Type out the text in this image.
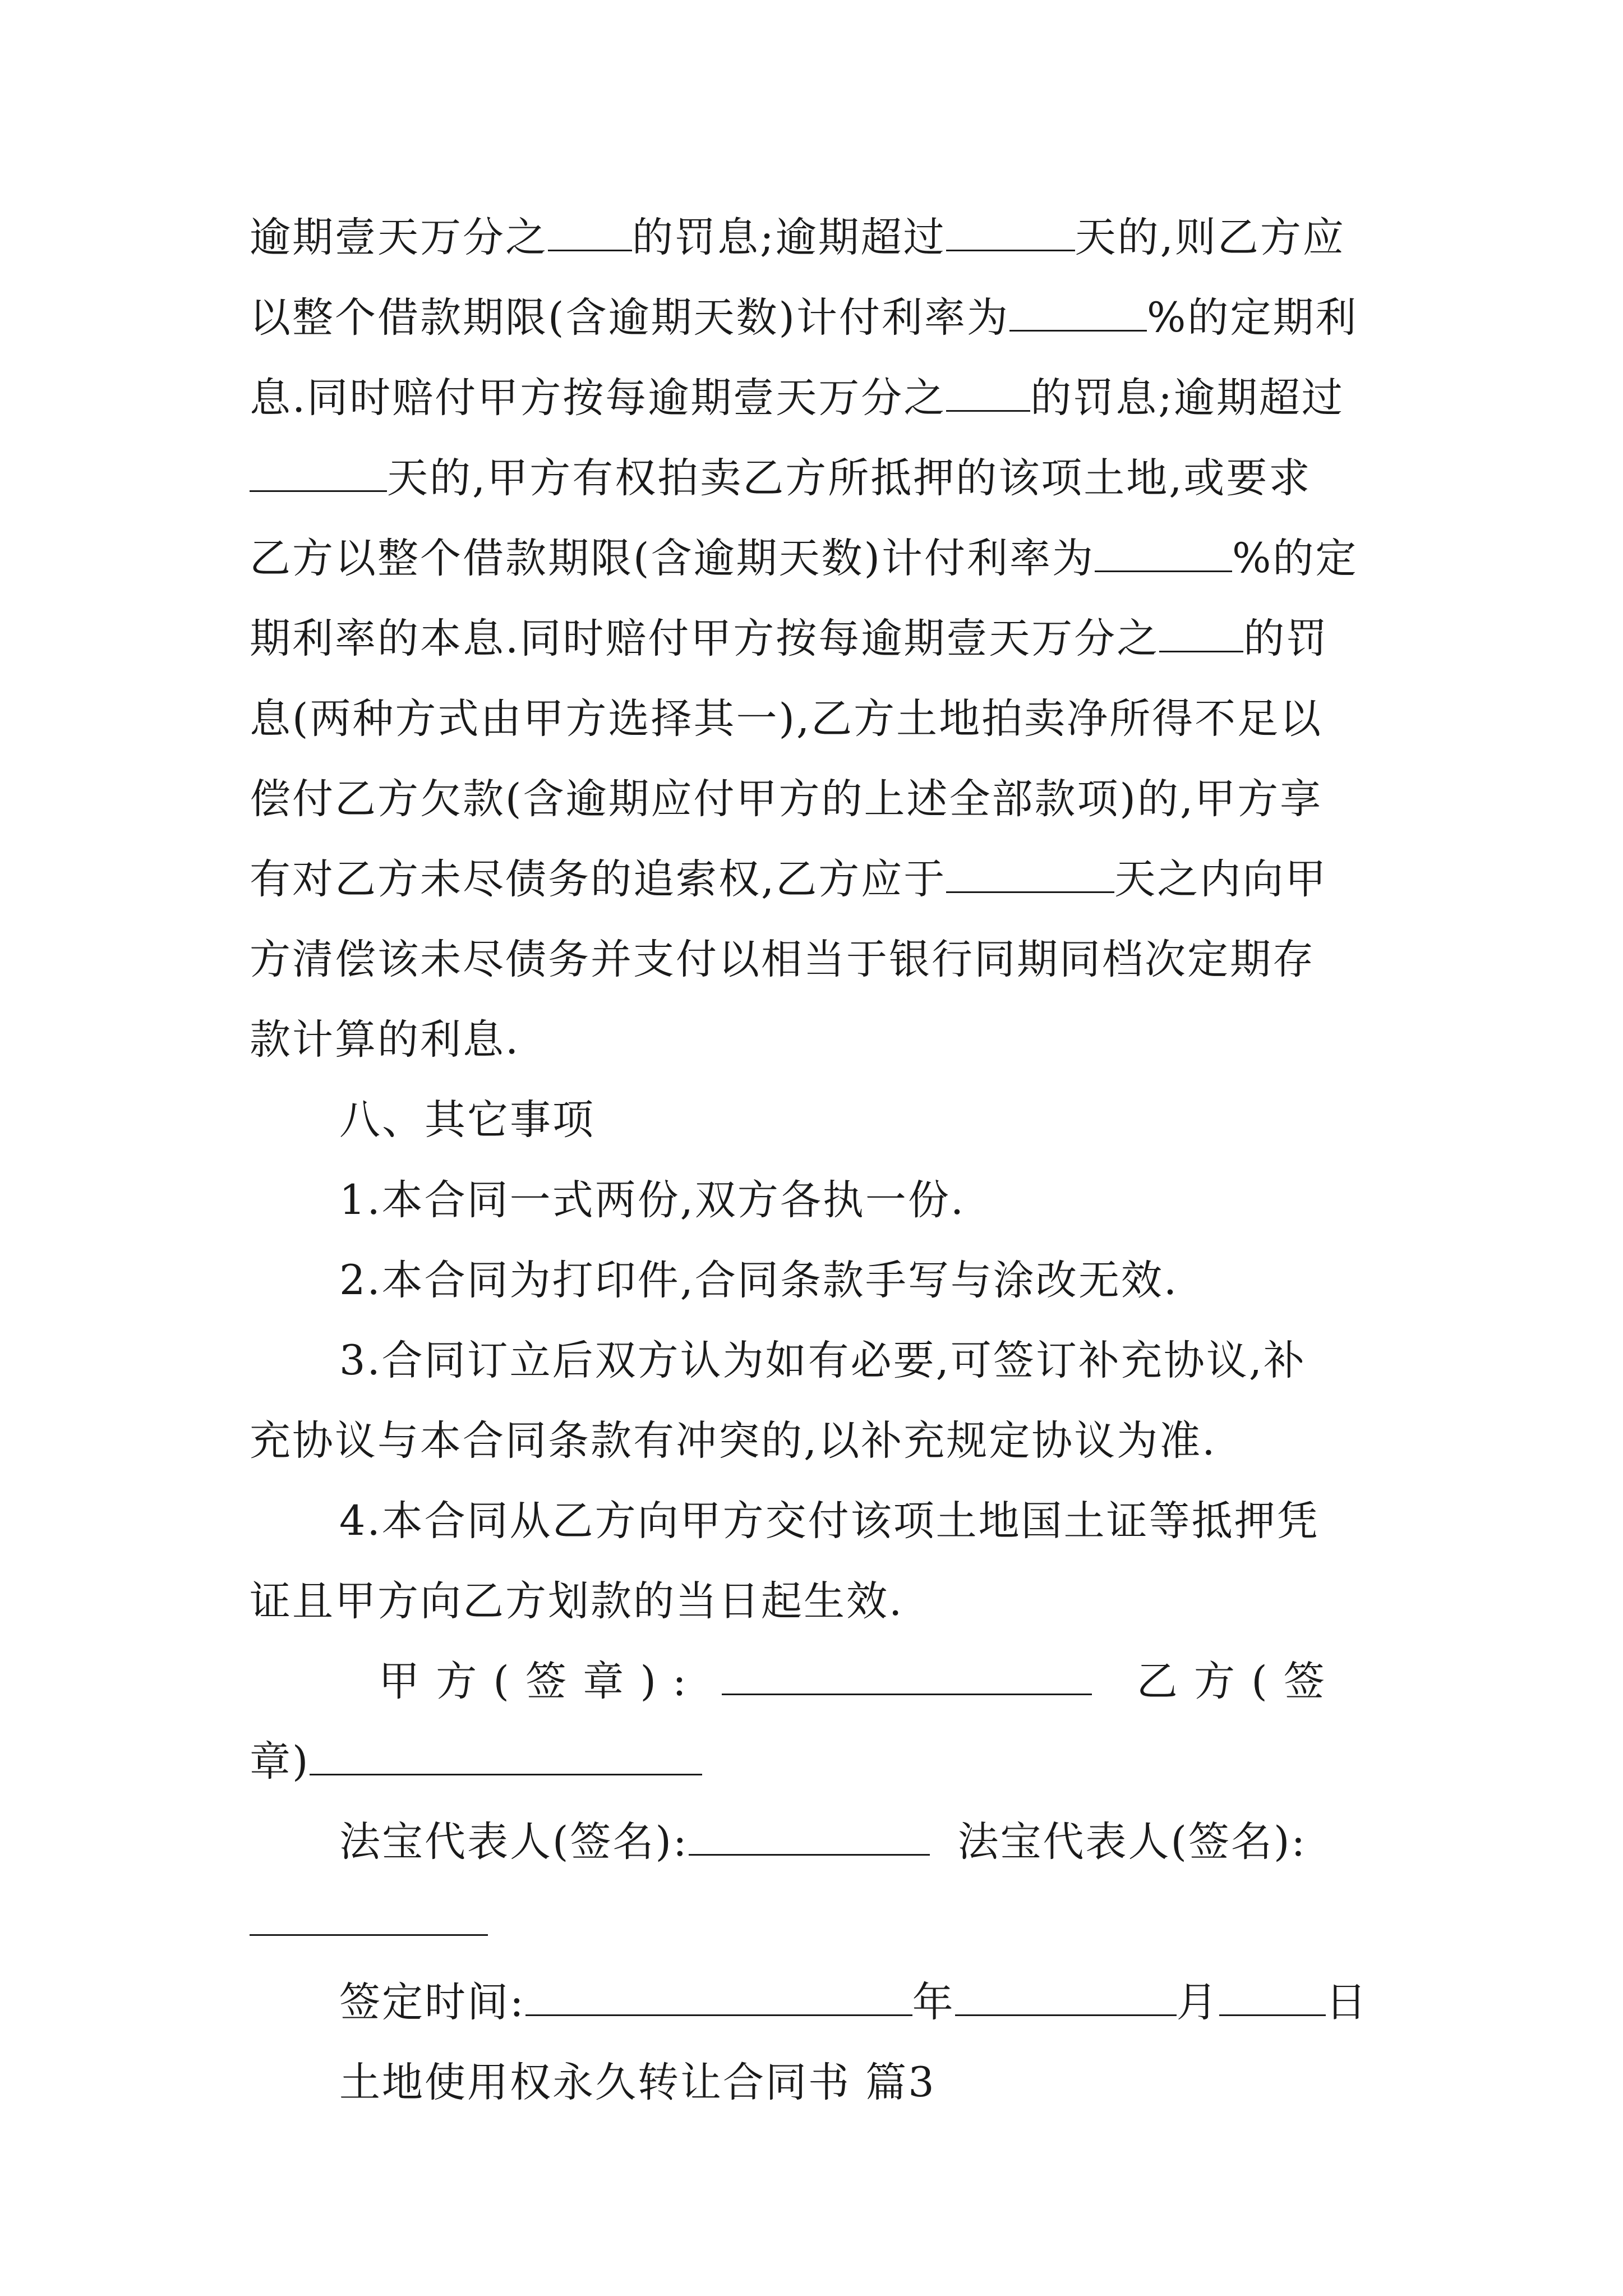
逾期壹天万分之 的罚息;逾期超过	天的,则乙方应
以整个借款期限(含逾期天数)计付利率为	%的定期利
息.同时赔付甲方按每逾期壹天万分之 的罚息;逾期超过
天的,甲方有权拍卖乙方所抵押的该项土地,或要求
乙方以整个借款期限(含逾期天数)计付利率为	%的定
期利率的本息.同时赔付甲方按每逾期壹天万分之 的罚
息(两种方式由甲方选择其一),乙方土地拍卖净所得不足以
偿付乙方欠款(含逾期应付甲方的上述全部款项)的,甲方享
有对乙方未尽债务的追索权,乙方应于	天之内向甲
方清偿该未尽债务并支付以相当于银行同期同档次定期存
款计算的利息.
八、其它事项
1.本合同一式两份,双方各执一份.
2.本合同为打印件,合同条款手写与涂改无效.
3.合同订立后双方认为如有必要,可签订补充协议,补
充协议与本合同条款有冲突的,以补充规定协议为准.
4.本合同从乙方向甲方交付该项土地国土证等抵押凭
证且甲方向乙方划款的当日起生效.
甲 方 ( 签 章 ) :	乙 方 ( 签
章)
法宝代表人(签名):	法宝代表人(签名):
签定时间:	年	月	日
土地使用权永久转让合同书 篇3
